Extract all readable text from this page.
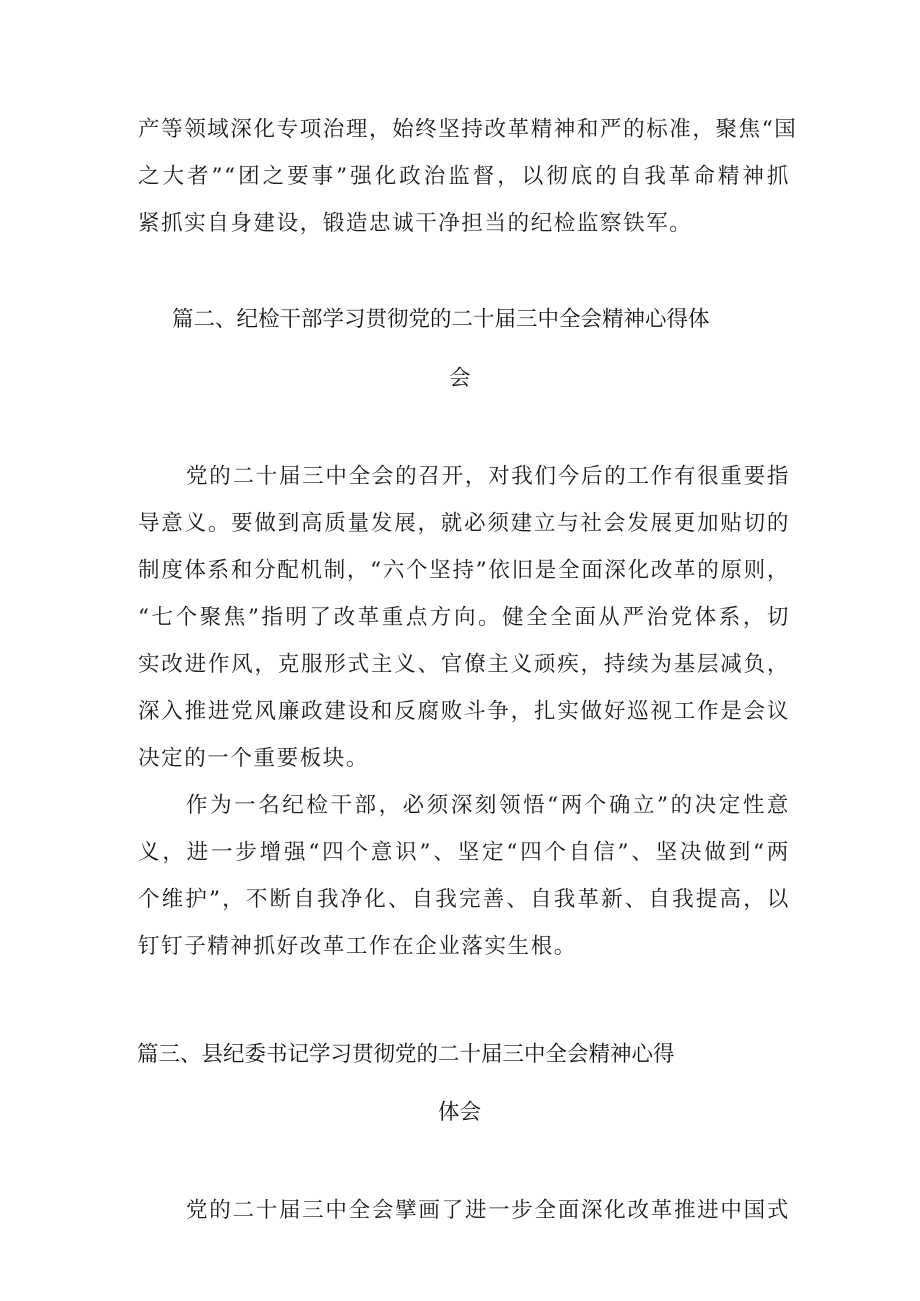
产等领域深化专项治理，始终坚持改革精神和严的标准，聚焦“国
之大者”“团之要事”强化政治监督，以彻底的自我革命精神抓
紧抓实自身建设，锻造忠诚干净担当的纪检监察铁军。
篇二、纪检干部学习贯彻党的二十届三中全会精神心得体
会
党的二十届三中全会的召开，对我们今后的工作有很重要指
导意义。要做到高质量发展，就必须建立与社会发展更加贴切的
制度体系和分配机制，“六个坚持”依旧是全面深化改革的原则，
“七个聚焦”指明了改革重点方向。健全全面从严治党体系，切
实改进作风，克服形式主义、官僚主义顽疾，持续为基层减负，
深入推进党风廉政建设和反腐败斗争，扎实做好巡视工作是会议
决定的一个重要板块。
作为一名纪检干部，必须深刻领悟“两个确立”的决定性意
义，进一步增强“四个意识”、坚定“四个自信”、坚决做到“两
个维护”，不断自我净化、自我完善、自我革新、自我提高，以
钉钉子精神抓好改革工作在企业落实生根。
篇三、县纪委书记学习贯彻党的二十届三中全会精神心得
体会
党的二十届三中全会擘画了进一步全面深化改革推进中国式
